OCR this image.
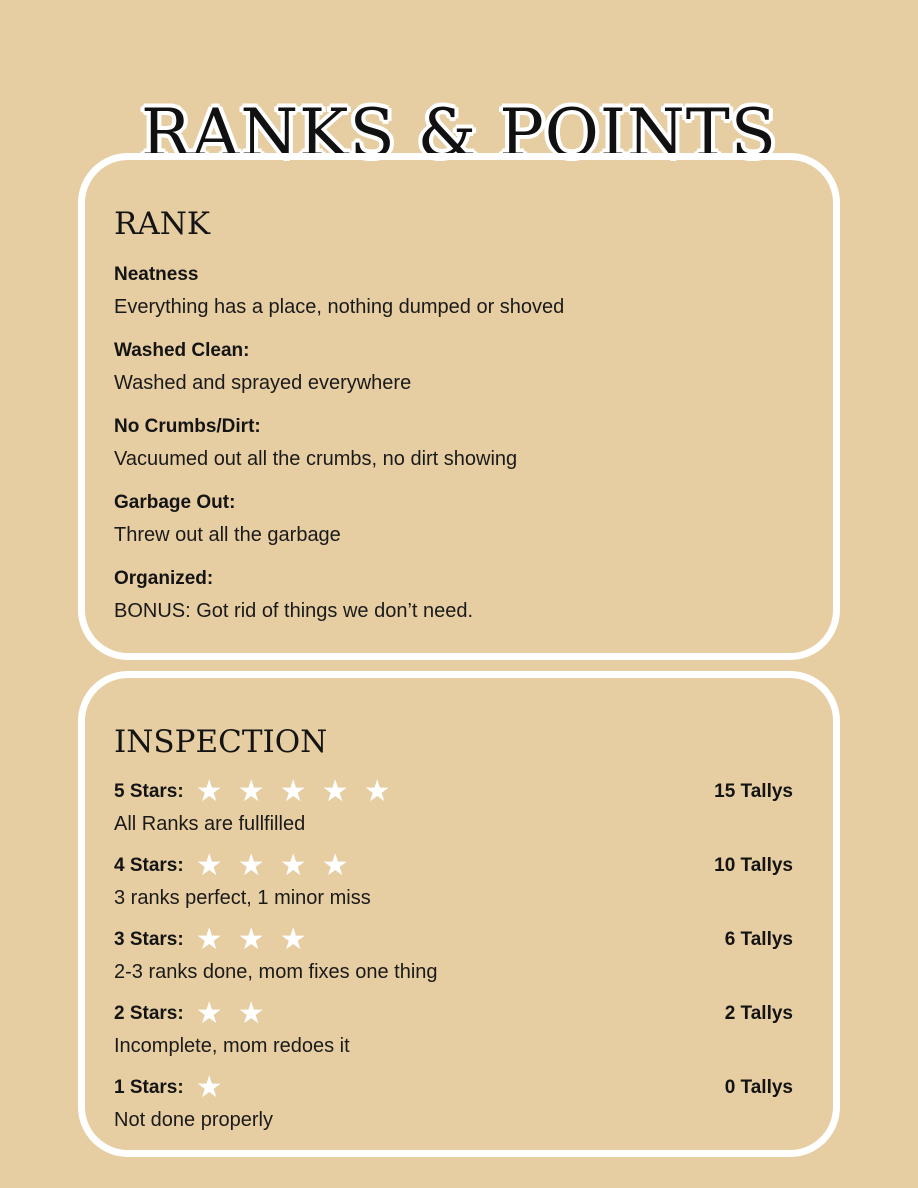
RANKS & POINTS
RANK
Neatness
Everything has a place, nothing dumped or shoved
Washed Clean:
Washed and sprayed everywhere
No Crumbs/Dirt:
Vacuumed out all the crumbs, no dirt showing
Garbage Out:
Threw out all the garbage
Organized:
BONUS: Got rid of things we don’t need.
INSPECTION
5 Stars: ★ ★ ★ ★ ★	15 Tallys
All Ranks are fullfilled
4 Stars: ★ ★ ★ ★	10 Tallys
3 ranks perfect, 1 minor miss
3 Stars: ★ ★ ★	6 Tallys
2-3 ranks done, mom fixes one thing
2 Stars: ★ ★	2 Tallys
Incomplete, mom redoes it
1 Stars: ★	0 Tallys
Not done properly
